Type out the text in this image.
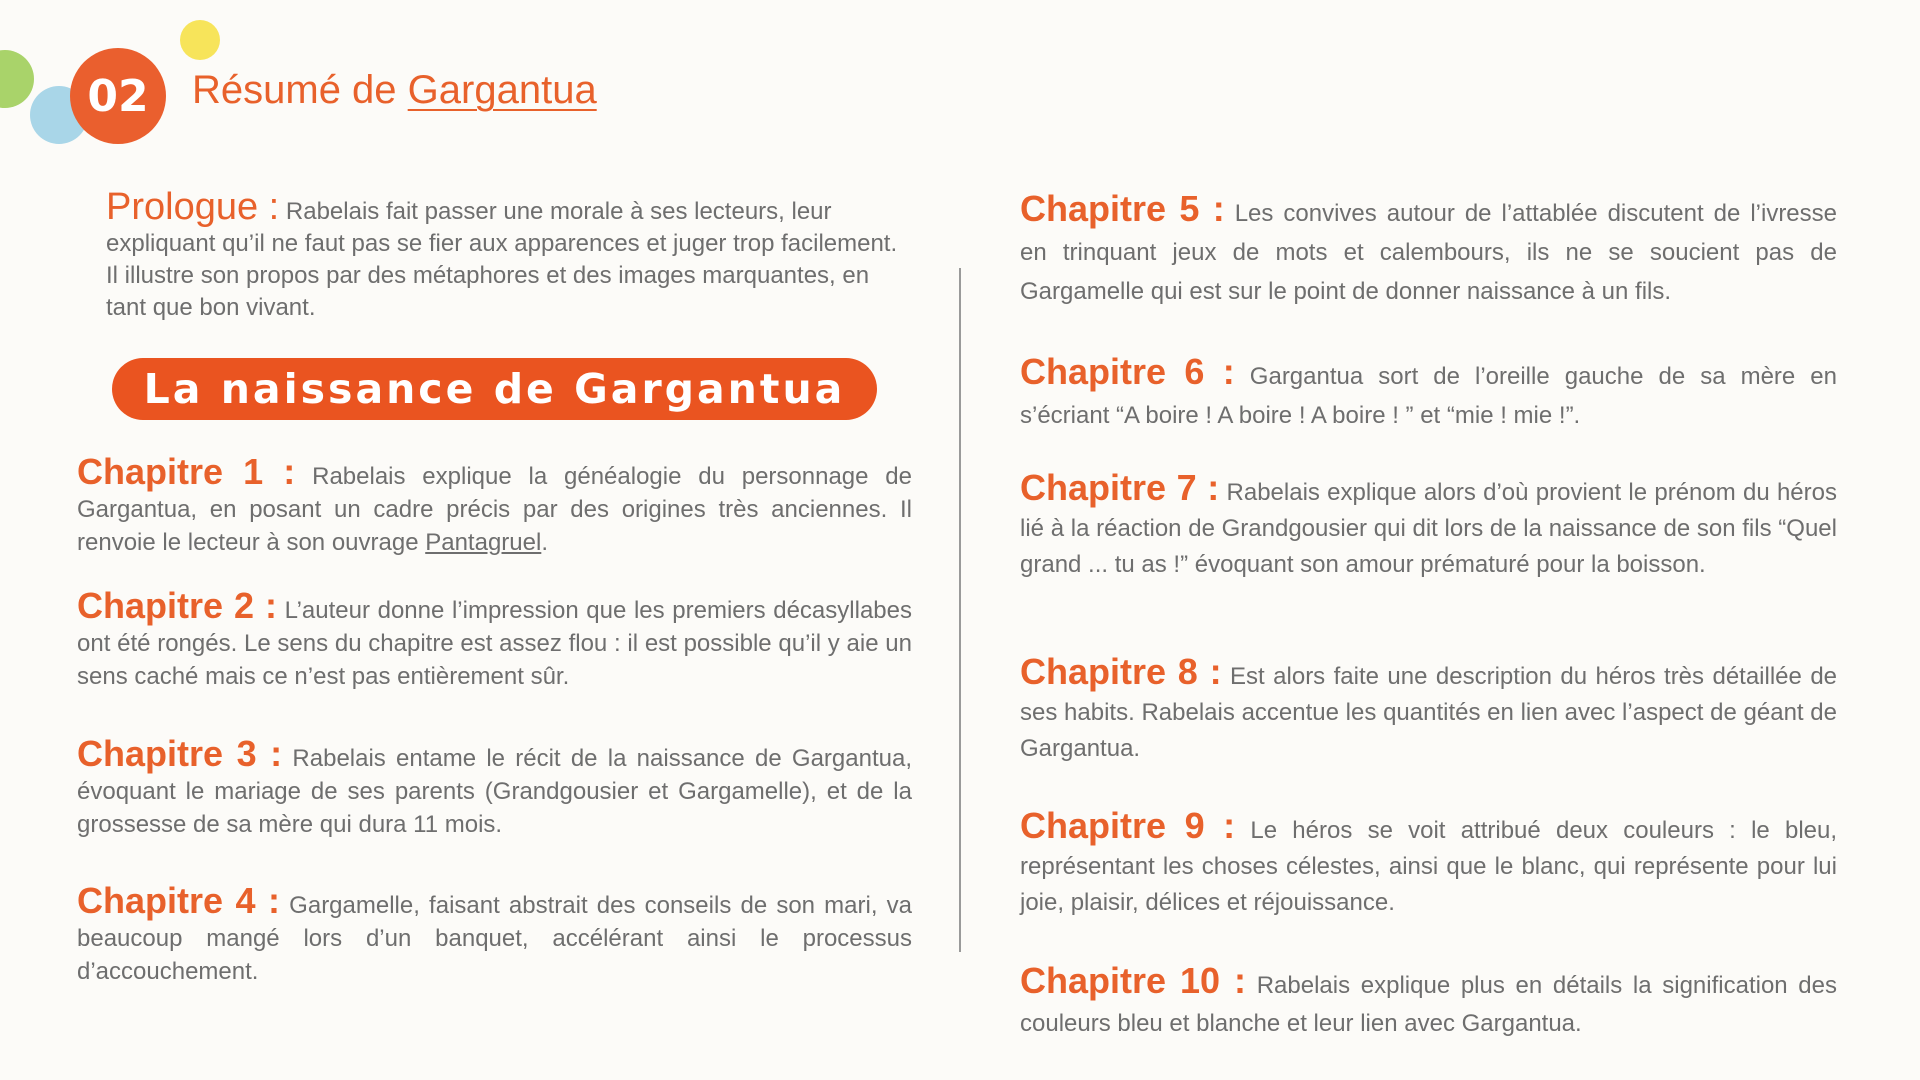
02	Résumé de Gargantua

Prologue : Rabelais fait passer une morale à ses lecteurs, leur expliquant qu’il ne faut pas se fier aux apparences et juger trop facilement. Il illustre son propos par des métaphores et des images marquantes, en tant que bon vivant.

La naissance de Gargantua

Chapitre 1 : Rabelais explique la généalogie du personnage de Gargantua, en posant un cadre précis par des origines très anciennes. Il renvoie le lecteur à son ouvrage Pantagruel.

Chapitre 2 : L’auteur donne l’impression que les premiers décasyllabes ont été rongés. Le sens du chapitre est assez flou : il est possible qu’il y aie un sens caché mais ce n’est pas entièrement sûr.

Chapitre 3 : Rabelais entame le récit de la naissance de Gargantua, évoquant le mariage de ses parents (Grandgousier et Gargamelle), et de la grossesse de sa mère qui dura 11 mois.

Chapitre 4 : Gargamelle, faisant abstrait des conseils de son mari, va beaucoup mangé lors d’un banquet, accélérant ainsi le processus d’accouchement.

Chapitre 5 : Les convives autour de l’attablée discutent de l’ivresse en trinquant jeux de mots et calembours, ils ne se soucient pas de Gargamelle qui est sur le point de donner naissance à un fils.

Chapitre 6 : Gargantua sort de l’oreille gauche de sa mère en s’écriant “A boire ! A boire ! A boire ! ” et “mie ! mie !”.

Chapitre 7 : Rabelais explique alors d’où provient le prénom du héros lié à la réaction de Grandgousier qui dit lors de la naissance de son fils “Quel grand ... tu as !” évoquant son amour prématuré pour la boisson.

Chapitre 8 : Est alors faite une description du héros très détaillée de ses habits. Rabelais accentue les quantités en lien avec l’aspect de géant de Gargantua.

Chapitre 9 : Le héros se voit attribué deux couleurs : le bleu, représentant les choses célestes, ainsi que le blanc, qui représente pour lui joie, plaisir, délices et réjouissance.

Chapitre 10 : Rabelais explique plus en détails la signification des couleurs bleu et blanche et leur lien avec Gargantua.
